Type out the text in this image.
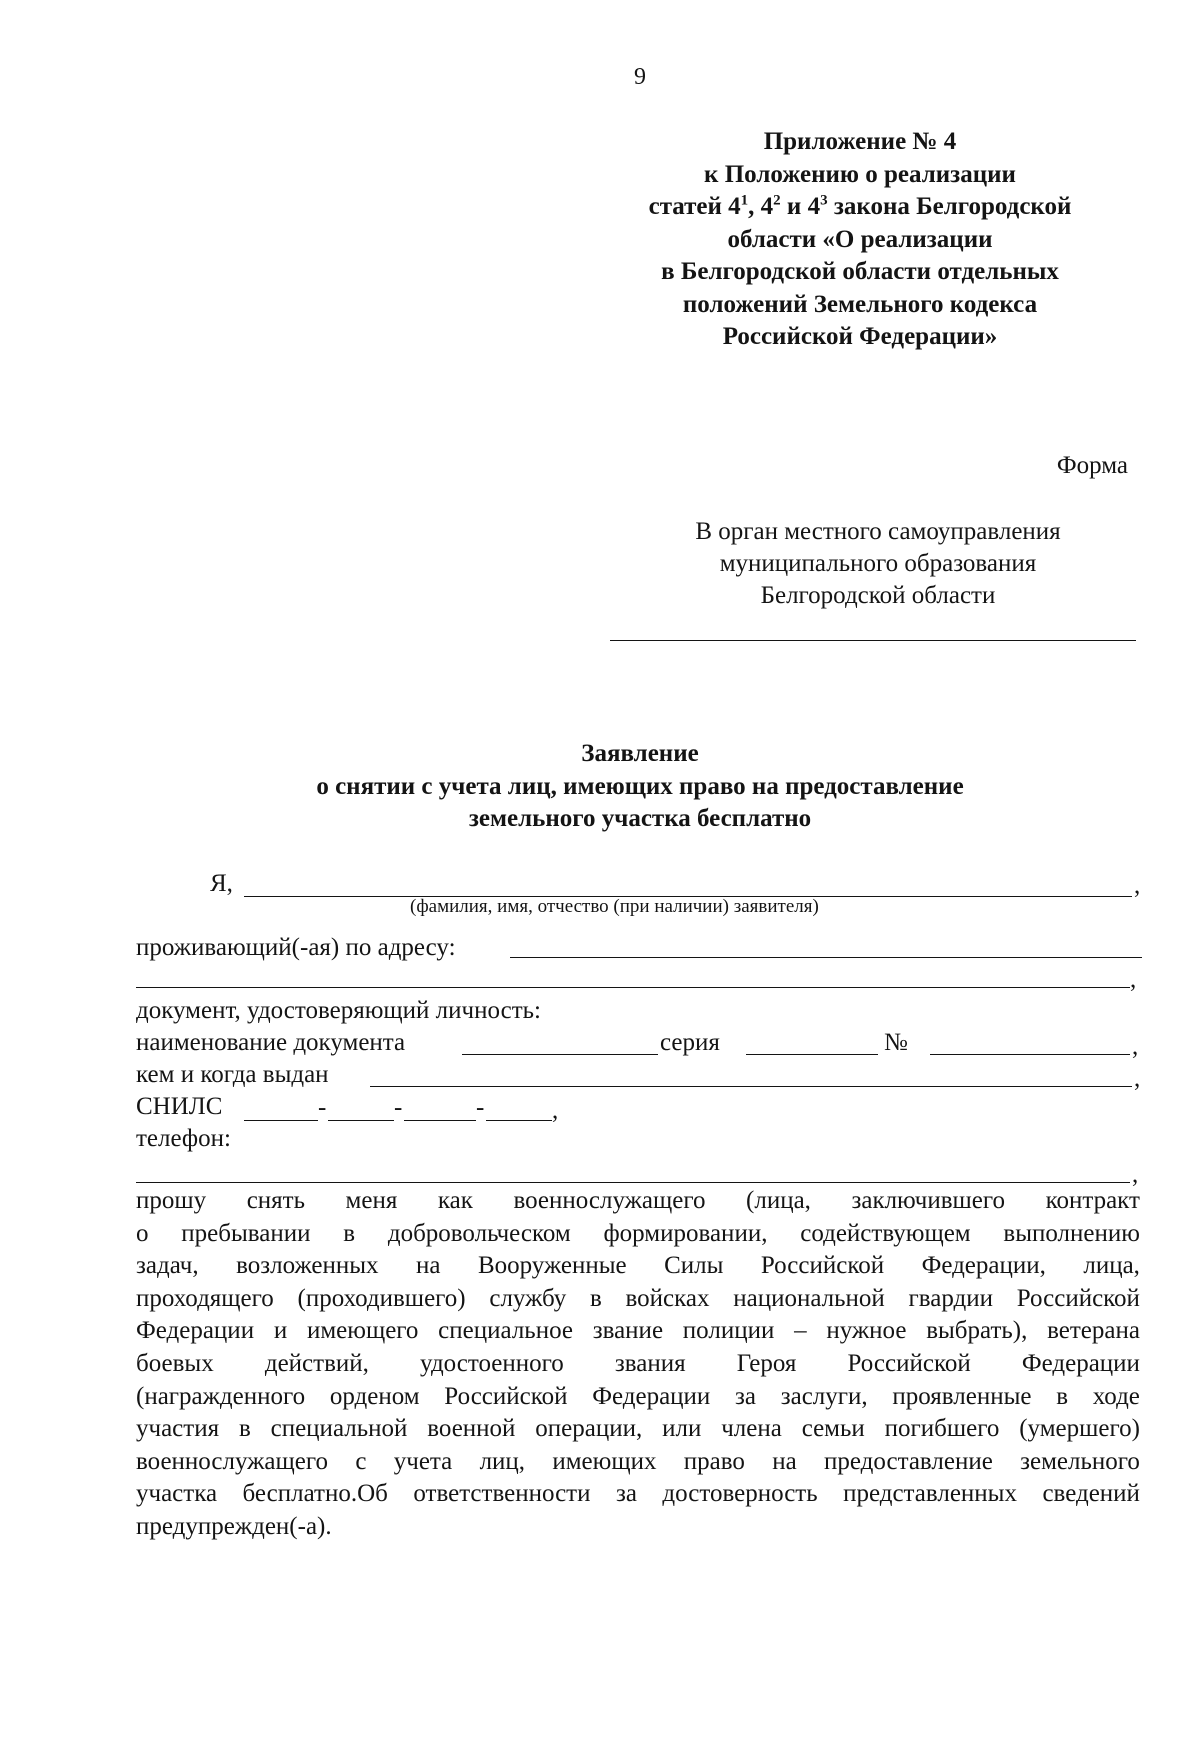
9
Приложение № 4
к Положению о реализации
статей $4^1$, $4^2$ и $4^3$ закона Белгородской
области «О реализации
в Белгородской области отдельных
положений Земельного кодекса
Российской Федерации»
Форма
В орган местного самоуправления
муниципального образования
Белгородской области
Заявление
о снятии с учета лиц, имеющих право на предоставление
земельного участка бесплатно
Я,	,
(фамилия, имя, отчество (при наличии) заявителя)
проживающий(-ая) по адресу:
,
документ, удостоверяющий личность:
наименование документа	серия	№	,
кем и когда выдан	,
СНИЛС	-	-	-	,
телефон:
,
прошу снять меня как военнослужащего (лица, заключившего контракт
о пребывании в добровольческом формировании, содействующем выполнению
задач, возложенных на Вооруженные Силы Российской Федерации, лица,
проходящего (проходившего) службу в войсках национальной гвардии Российской
Федерации и имеющего специальное звание полиции – нужное выбрать), ветерана
боевых действий, удостоенного звания Героя Российской Федерации
(награжденного орденом Российской Федерации за заслуги, проявленные в ходе
участия в специальной военной операции, или члена семьи погибшего (умершего)
военнослужащего с учета лиц, имеющих право на предоставление земельного
участка бесплатно.Об ответственности за достоверность представленных сведений
предупрежден(-а).
